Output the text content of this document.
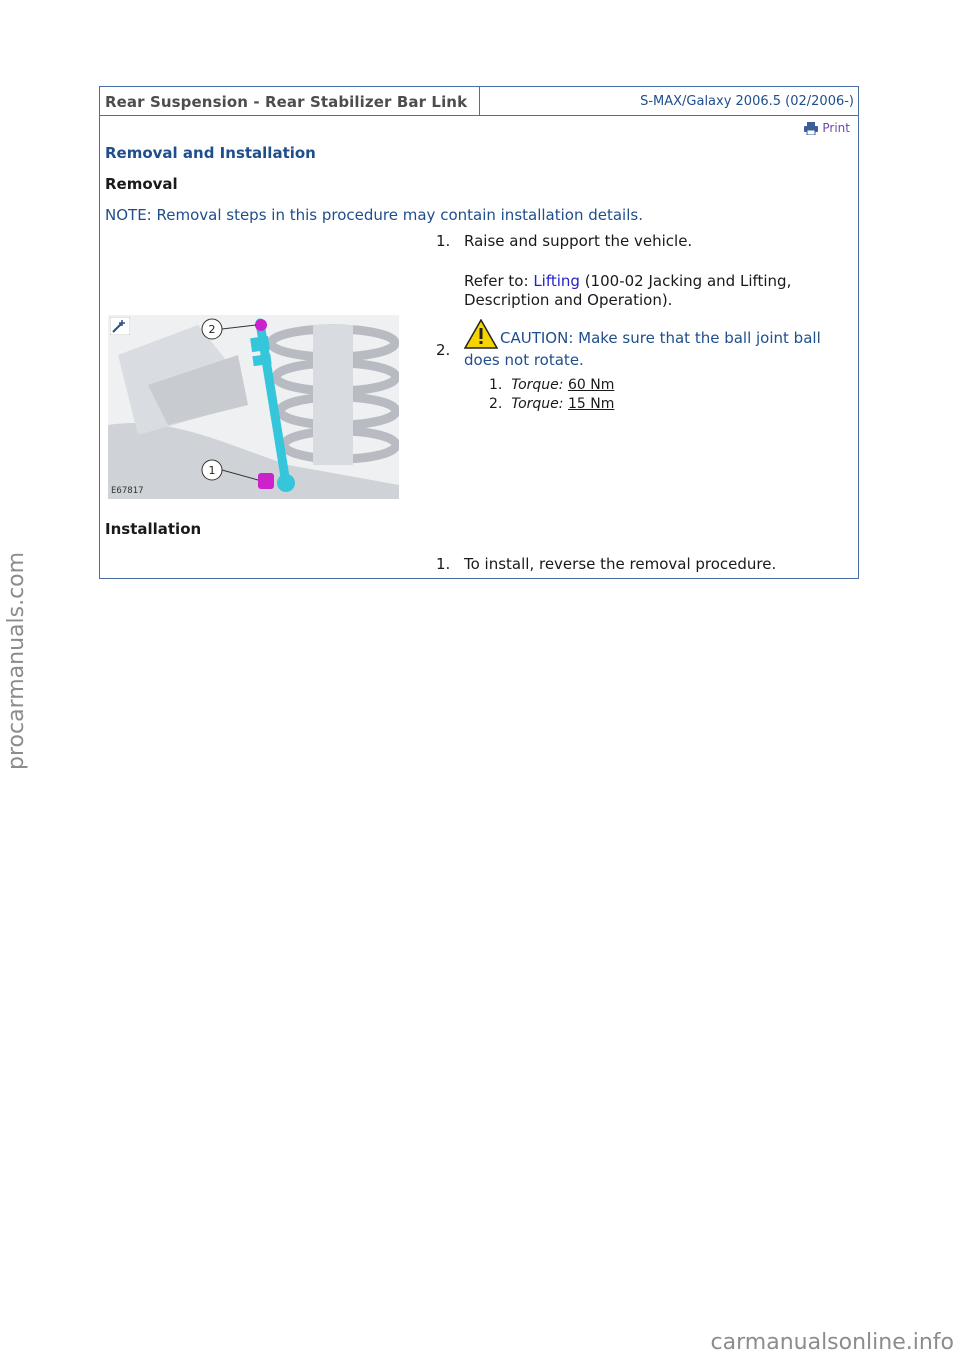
Rear Suspension - Rear Stabilizer Bar Link	S-MAX/Galaxy 2006.5 (02/2006-)
Print
Removal and Installation
Removal
NOTE: Removal steps in this procedure may contain installation details.
1. Raise and support the vehicle.
Refer to: Lifting (100-02 Jacking and Lifting,
Description and Operation).
2
1
E67817
2.
CAUTION: Make sure that the ball joint ball does not rotate.
1. Torque: 60 Nm
2. Torque: 15 Nm
Installation
1. To install, reverse the removal procedure.
procarmanuals.com
carmanualsonline.info
